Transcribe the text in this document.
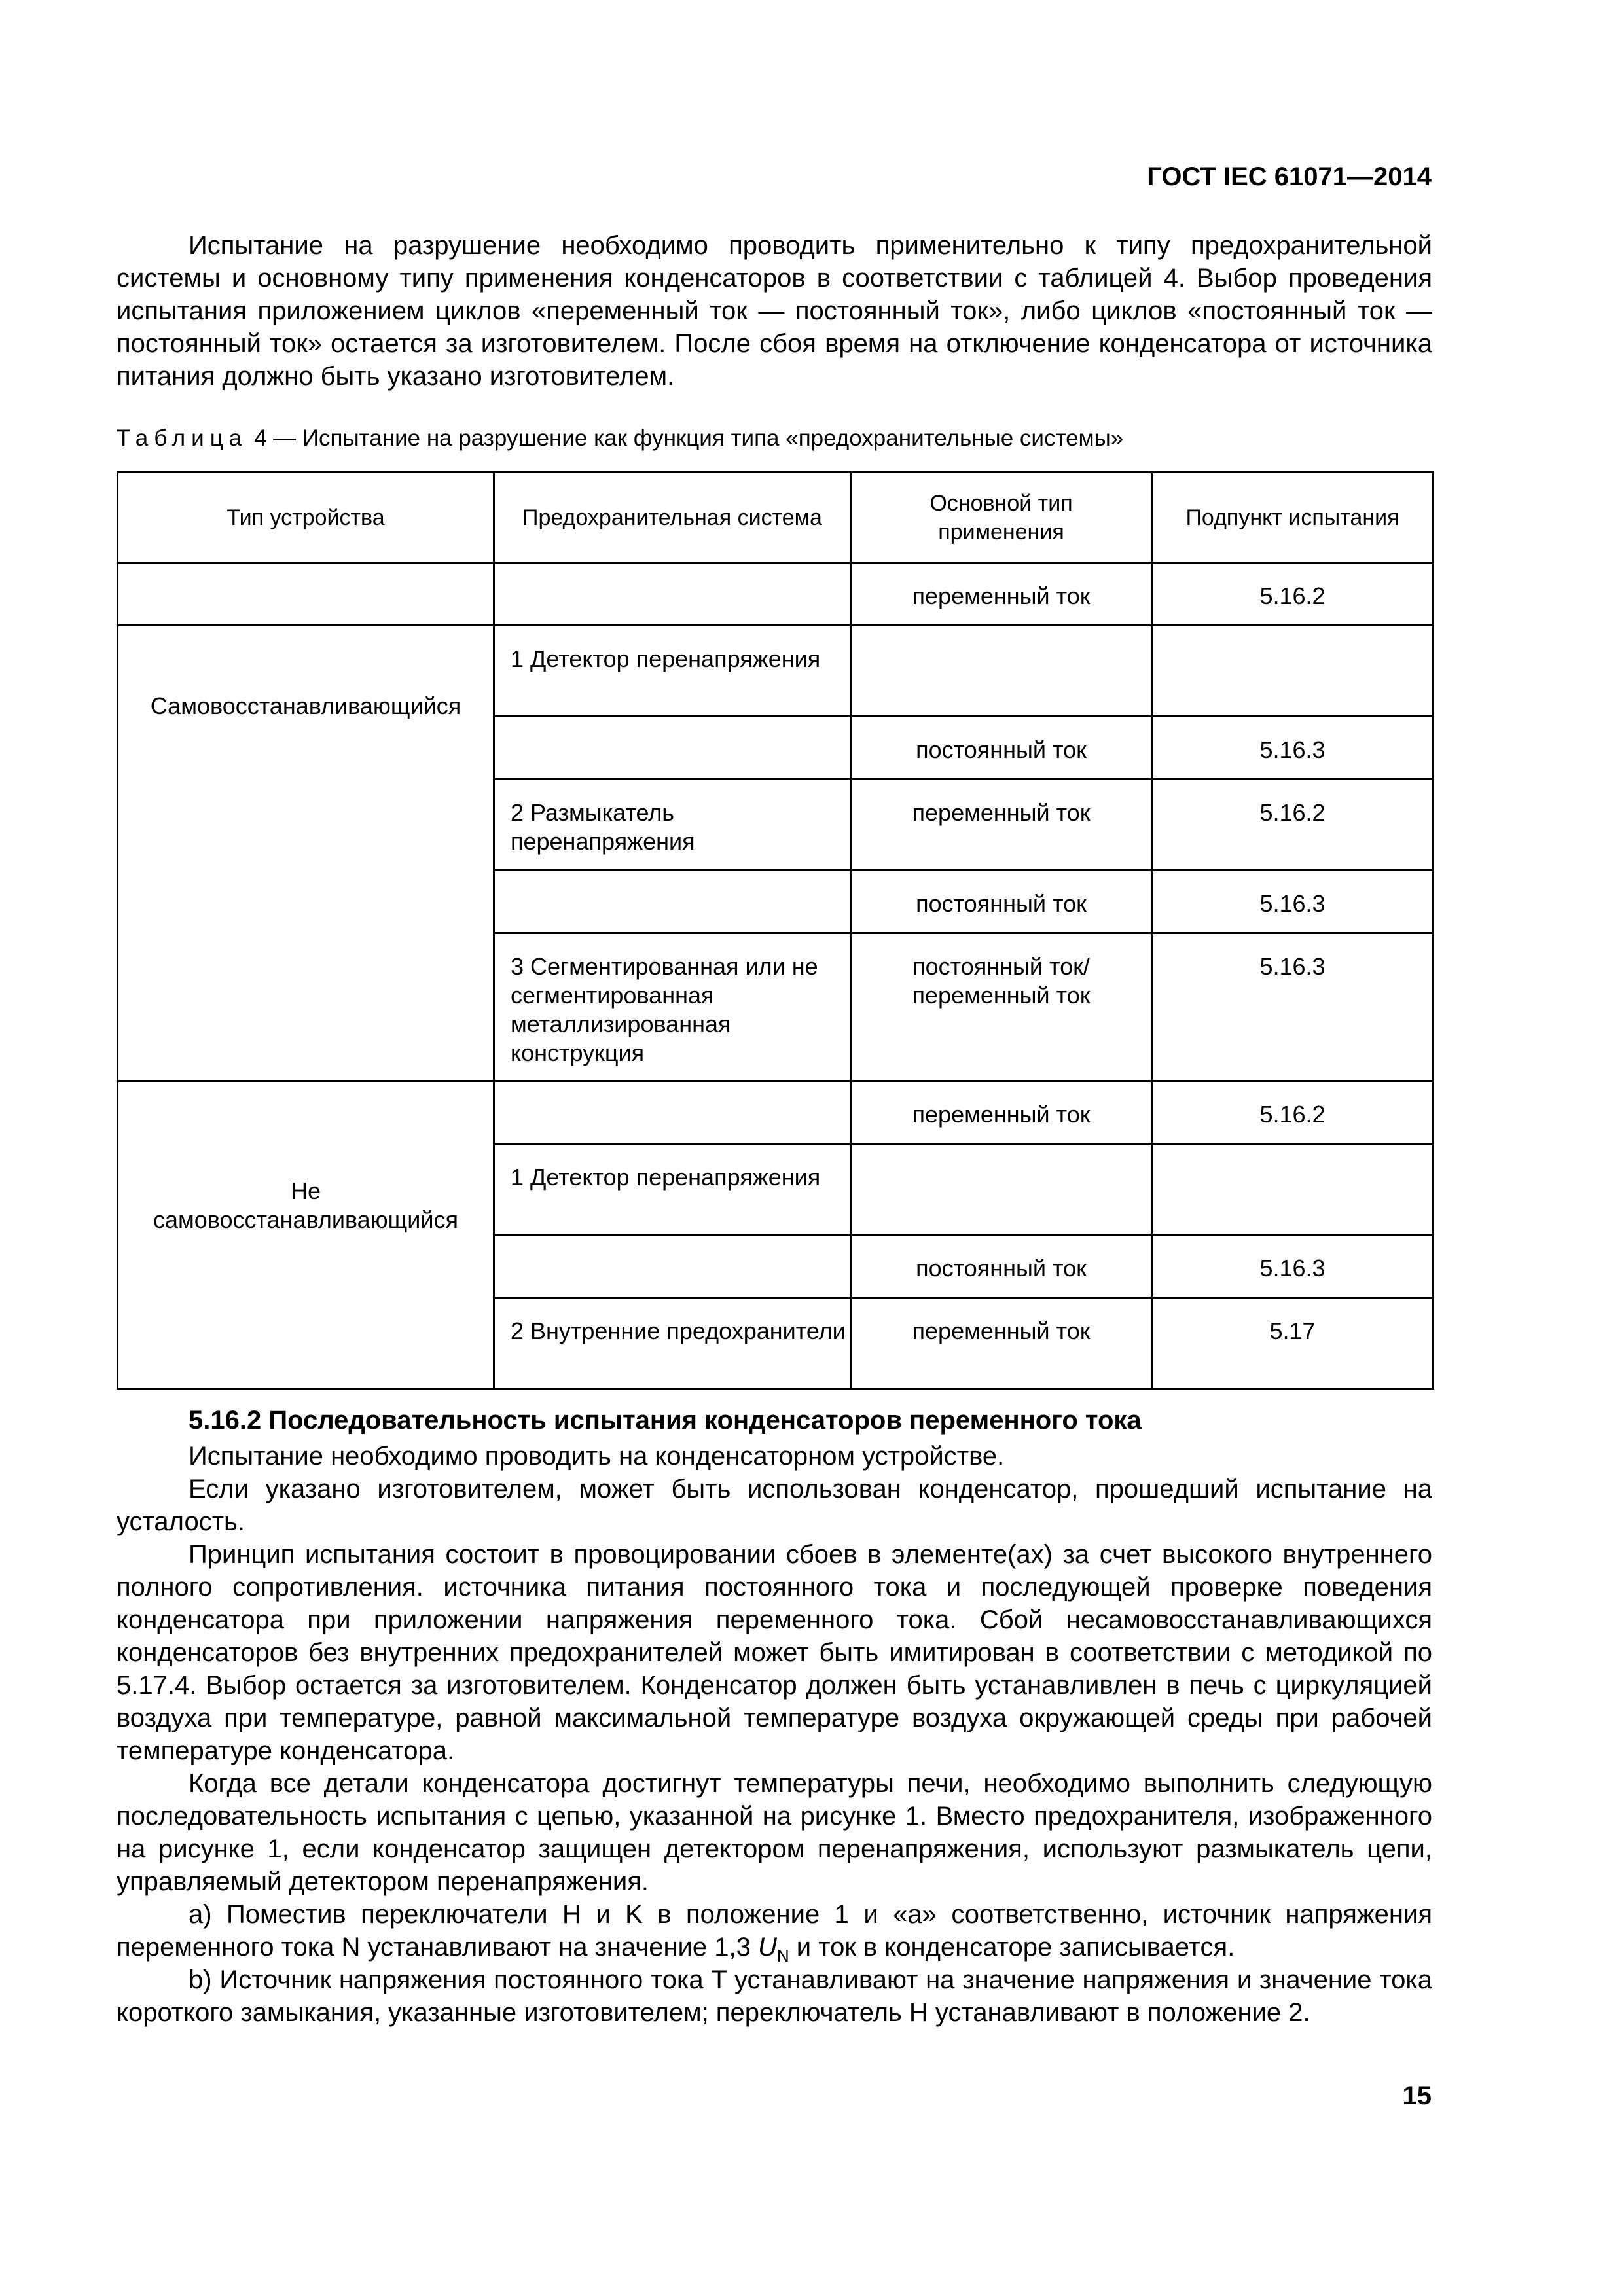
ГОСТ IEC 61071—2014

Испытание на разрушение необходимо проводить применительно к типу предохранительной системы и основному типу применения конденсаторов в соответствии с таблицей 4. Выбор проведения испытания приложением циклов «переменный ток — постоянный ток», либо циклов «постоянный ток — постоянный ток» остается за изготовителем. После сбоя время на отключение конденсатора от источника питания должно быть указано изготовителем.

Таблица 4 — Испытание на разрушение как функция типа «предохранительные системы»
Тип устройства	Предохранительная система	Основной тип применения	Подпункт испытания
		переменный ток	5.16.2

Самовосстанавливающийся	1 Детектор перенапряжения		
		постоянный ток	5.16.3
	2 Размыкатель перенапряжения	переменный ток	5.16.2
		постоянный ток	5.16.3

	3 Сегментированная или не сегментированная металлизированная конструкция	постоянный ток/переменный ток	5.16.3

Не самовосстанавливающийся		переменный ток	5.16.2
	1 Детектор перенапряжения		
		постоянный ток	5.16.3
	2 Внутренние предохранители	переменный ток	5.17
5.16.2 Последовательность испытания конденсаторов переменного тока

Испытание необходимо проводить на конденсаторном устройстве.

Если указано изготовителем, может быть использован конденсатор, прошедший испытание на усталость.

Принцип испытания состоит в провоцировании сбоев в элементе(ах) за счет высокого внутреннего полного сопротивления. источника питания постоянного тока и последующей проверке поведения конденсатора при приложении напряжения переменного тока. Сбой несамовосстанавливающихся конденсаторов без внутренних предохранителей может быть имитирован в соответствии с методикой по 5.17.4. Выбор остается за изготовителем. Конденсатор должен быть устанавливлен в печь с циркуляцией воздуха при температуре, равной максимальной температуре воздуха окружающей среды при рабочей температуре конденсатора.

Когда все детали конденсатора достигнут температуры печи, необходимо выполнить следующую последовательность испытания с цепью, указанной на рисунке 1. Вместо предохранителя, изображенного на рисунке 1, если конденсатор защищен детектором перенапряжения, используют размыкатель цепи, управляемый детектором перенапряжения.

a) Поместив переключатели H и K в положение 1 и «a» соответственно, источник напряжения переменного тока N устанавливают на значение 1,3 $U_N$ и ток в конденсаторе записывается.

b) Источник напряжения постоянного тока T устанавливают на значение напряжения и значение тока короткого замыкания, указанные изготовителем; переключатель H устанавливают в положение 2.

15
